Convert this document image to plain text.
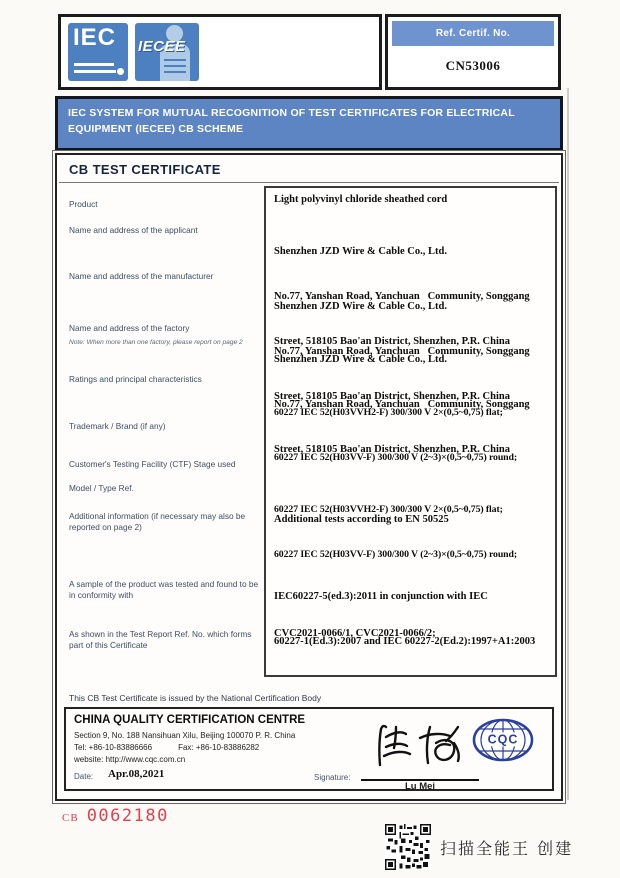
IEC IECEE
Ref. Certif. No.
CN53006
IEC SYSTEM FOR MUTUAL RECOGNITION OF TEST CERTIFICATES FOR ELECTRICAL EQUIPMENT (IECEE) CB SCHEME
CB TEST CERTIFICATE
Product
Name and address of the applicant
Name and address of the manufacturer
Name and address of the factory
Note: When more than one factory, please report on page 2
Ratings and principal characteristics
Trademark / Brand (if any)
Customer's Testing Facility (CTF) Stage used
Model / Type Ref.
Additional information (if necessary may also be reported on page 2)
A sample of the product was tested and found to be in conformity with
As shown in the Test Report Ref. No. which forms part of this Certificate
Light polyvinyl chloride sheathed cord

Shenzhen JZD Wire & Cable Co., Ltd.

No.77, Yanshan Road, Yanchuan   Community, Songgang

Street, 518105 Bao'an District, Shenzhen, P.R. China

Shenzhen JZD Wire & Cable Co., Ltd.

No.77, Yanshan Road, Yanchuan   Community, Songgang

Street, 518105 Bao'an District, Shenzhen, P.R. China

Shenzhen JZD Wire & Cable Co., Ltd.

No.77, Yanshan Road, Yanchuan   Community, Songgang

Street, 518105 Bao'an District, Shenzhen, P.R. China

60227 IEC 52(H03VVH2-F) 300/300 V 2×(0,5~0,75) flat;

60227 IEC 52(H03VV-F) 300/300 V (2~3)×(0,5~0,75) round;

60227 IEC 52(H03VVH2-F) 300/300 V 2×(0,5~0,75) flat;

60227 IEC 52(H03VV-F) 300/300 V (2~3)×(0,5~0,75) round;

Additional tests according to EN 50525

IEC60227-5(ed.3):2011 in conjunction with IEC

60227-1(Ed.3):2007 and IEC 60227-2(Ed.2):1997+A1:2003

CVC2021-0066/1, CVC2021-0066/2;
This CB Test Certificate is issued by the National Certification Body
CHINA QUALITY CERTIFICATION CENTRE
Section 9, No. 188 Nansihuan Xilu, Beijing 100070 P. R. China
Tel: +86-10-83886666	Fax: +86-10-83886282
website: http://www.cqc.com.cn
Date: Apr.08,2021	Signature:
Lu Mei
CQC
CB 0062180
扫描全能王 创建
